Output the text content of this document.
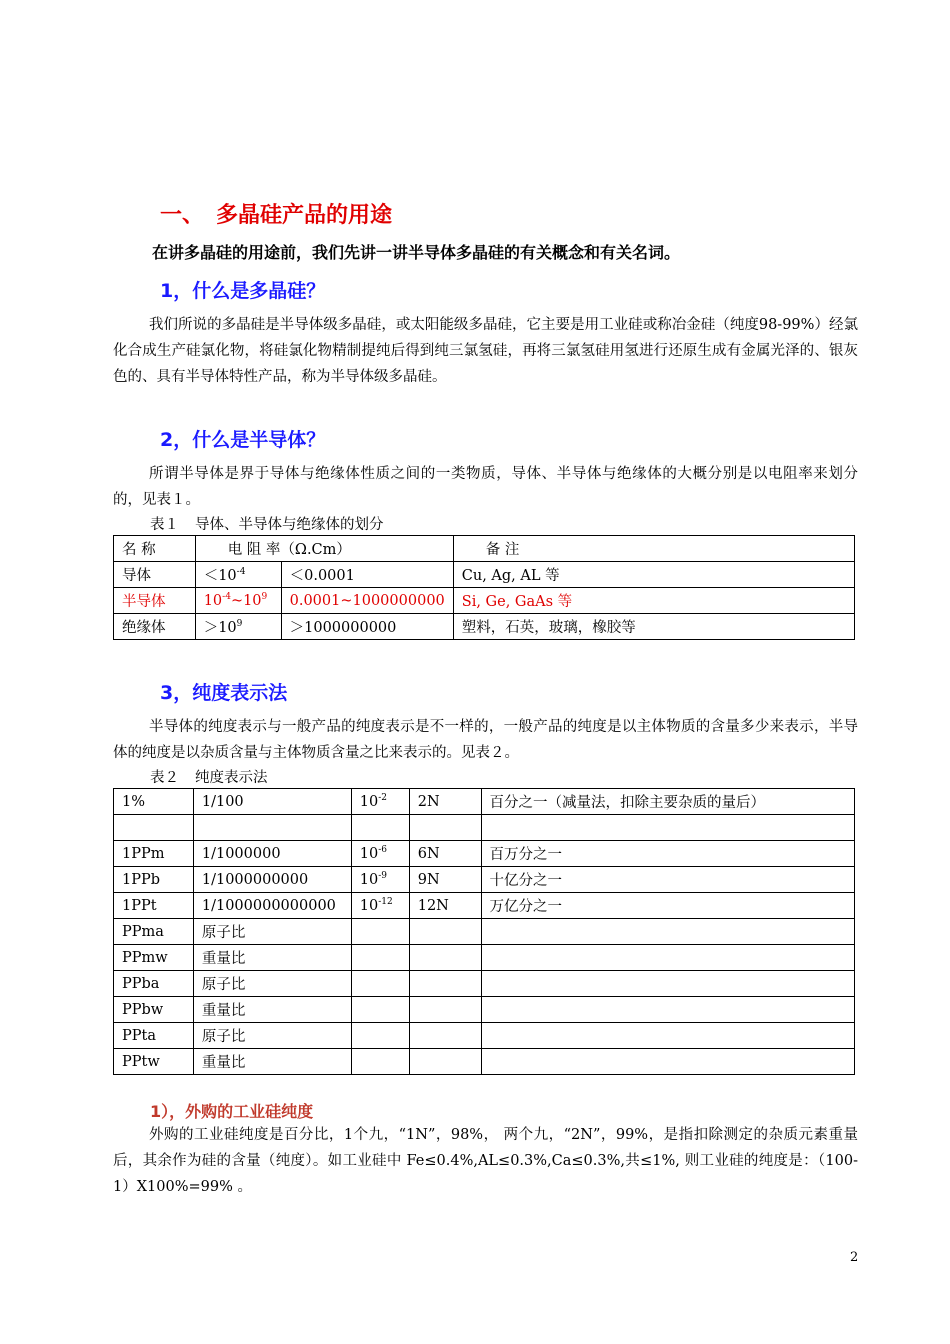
一、 多晶硅产品的用途
在讲多晶硅的用途前，我们先讲一讲半导体多晶硅的有关概念和有关名词。
1，什么是多晶硅？
我们所说的多晶硅是半导体级多晶硅，或太阳能级多晶硅，它主要是用工业硅或称冶金硅（纯度98-99%）经氯化合成生产硅氯化物，将硅氯化物精制提纯后得到纯三氯氢硅，再将三氯氢硅用氢进行还原生成有金属光泽的、银灰色的、具有半导体特性产品，称为半导体级多晶硅。
2，什么是半导体？
所谓半导体是界于导体与绝缘体性质之间的一类物质，导体、半导体与绝缘体的大概分别是以电阻率来划分的，见表１。
表１ 导体、半导体与绝缘体的划分
名 称	电 阻 率（Ω.Cm）		备 注
导体	$<10^{-4}$	＜0.0001	Cu, Ag, AL 等
半导体	$10^{-4}\sim 10^9$	0.0001~1000000000	Si, Ge, GaAs 等
绝缘体	$>10^9$	＞1000000000	塑料，石英，玻璃，橡胶等
3，纯度表示法
半导体的纯度表示与一般产品的纯度表示是不一样的，一般产品的纯度是以主体物质的含量多少来表示，半导体的纯度是以杂质含量与主体物质含量之比来表示的。见表２。
表２ 纯度表示法
1%	1/100	$10^{-2}$	2N	百分之一（减量法，扣除主要杂质的量后）

1PPm	1/1000000	$10^{-6}$	6N	百万分之一
1PPb	1/1000000000	$10^{-9}$	9N	十亿分之一
1PPt	1/1000000000000	$10^{-12}$	12N	万亿分之一
PPma	原子比			
PPmw	重量比			
PPba	原子比			
PPbw	重量比			
PPta	原子比			
PPtw	重量比			
1），外购的工业硅纯度
外购的工业硅纯度是百分比，1个九，“1N”，98%， 两个九，“2N”，99%，是指扣除测定的杂质元素重量后，其余作为硅的含量（纯度）。如工业硅中 Fe≤0.4%,AL≤0.3%,Ca≤0.3%,共≤1%, 则工业硅的纯度是：（100-1）X100%=99% 。
2
